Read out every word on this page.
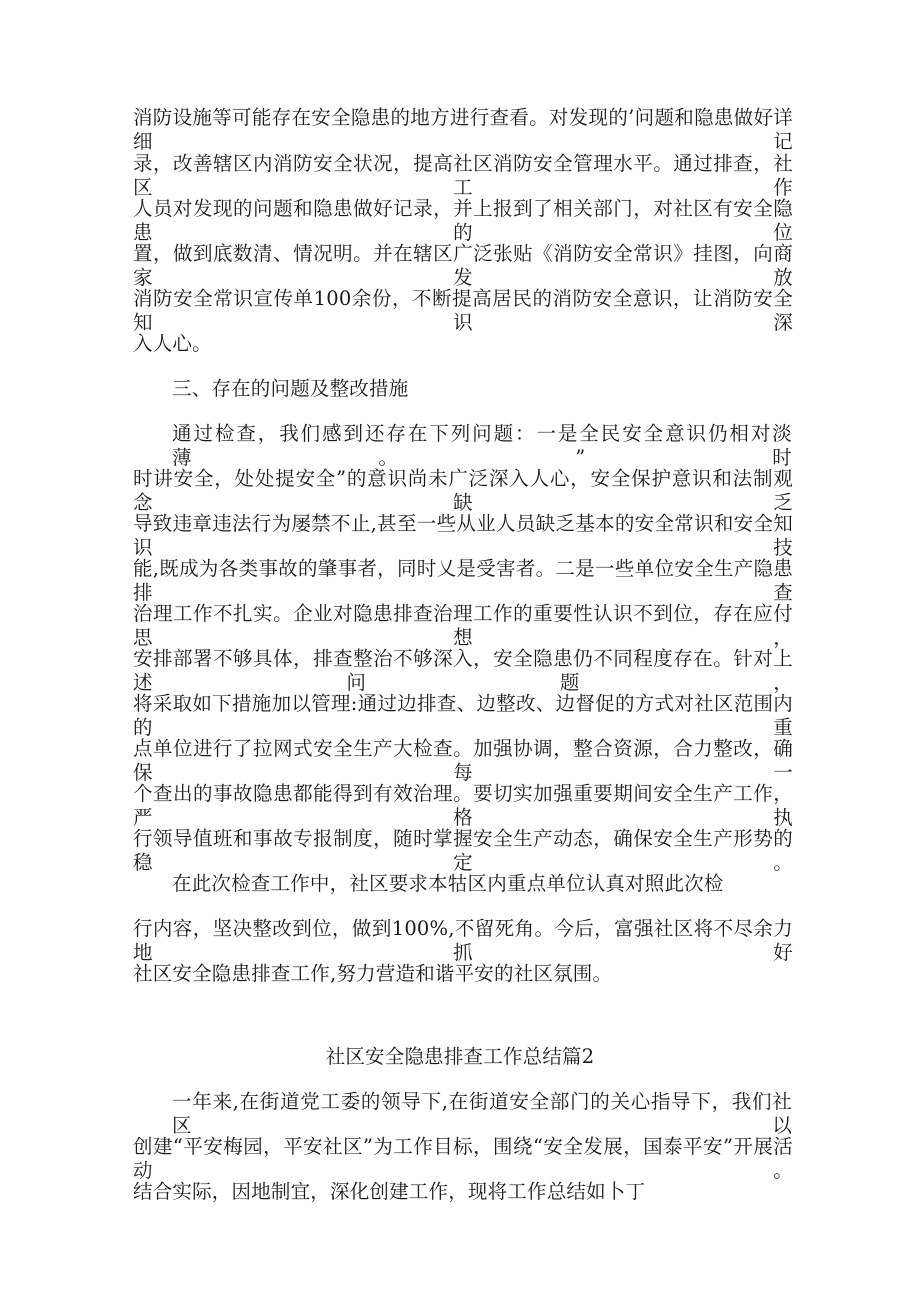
消防设施等可能存在安全隐患的地方进行查看。对发现的’问题和隐患做好详细记
录，改善辖区内消防安全状况，提高社区消防安全管理水平。通过排查，社区工作
人员对发现的问题和隐患做好记录，并上报到了相关部门，对社区有安全隐患的位
置，做到底数清、情况明。并在辖区广泛张贴《消防安全常识》挂图，向商家发放
消防安全常识宣传单100余份，不断提高居民的消防安全意识，让消防安全知识深
入人心。
三、存在的问题及整改措施
通过检查，我们感到还存在下列问题：一是全民安全意识仍相对淡薄。”时
时讲安全，处处提安全”的意识尚未广泛深入人心，安全保护意识和法制观念缺乏
导致违章违法行为屡禁不止,甚至一些从业人员缺乏基本的安全常识和安全知识技
能,既成为各类事故的肇事者，同时乂是受害者。二是一些单位安全生产隐患排查
治理工作不扎实。企业对隐患排查治理工作的重要性认识不到位，存在应付思想，
安排部署不够具体，排查整治不够深入，安全隐患仍不同程度存在。针对上述问题，
将采取如下措施加以管理:通过边排查、边整改、边督促的方式对社区范围内的重
点单位进行了拉网式安全生产大检查。加强协调，整合资源，合力整改，确保每一
个查出的事故隐患都能得到有效治理。要切实加强重要期间安全生产工作，严格执
行领导值班和事故专报制度，随时掌握安全生产动态，确保安全生产形势的稳定。
在此次检查工作中，社区要求本牯区内重点单位认真对照此次检
行内容，坚决整改到位，做到100%,不留死角。今后，富强社区将不尽余力地抓好
社区安全隐患排查工作,努力营造和谐平安的社区氛围。
社区安全隐患排查工作总结篇2
一年来,在街道党工委的领导下,在街道安全部门的关心指导下，我们社区以
创建“平安梅园，平安社区”为工作目标，围绕“安全发展，国泰平安”开展活动。
结合实际，因地制宜，深化创建工作，现将工作总结如卜丁
